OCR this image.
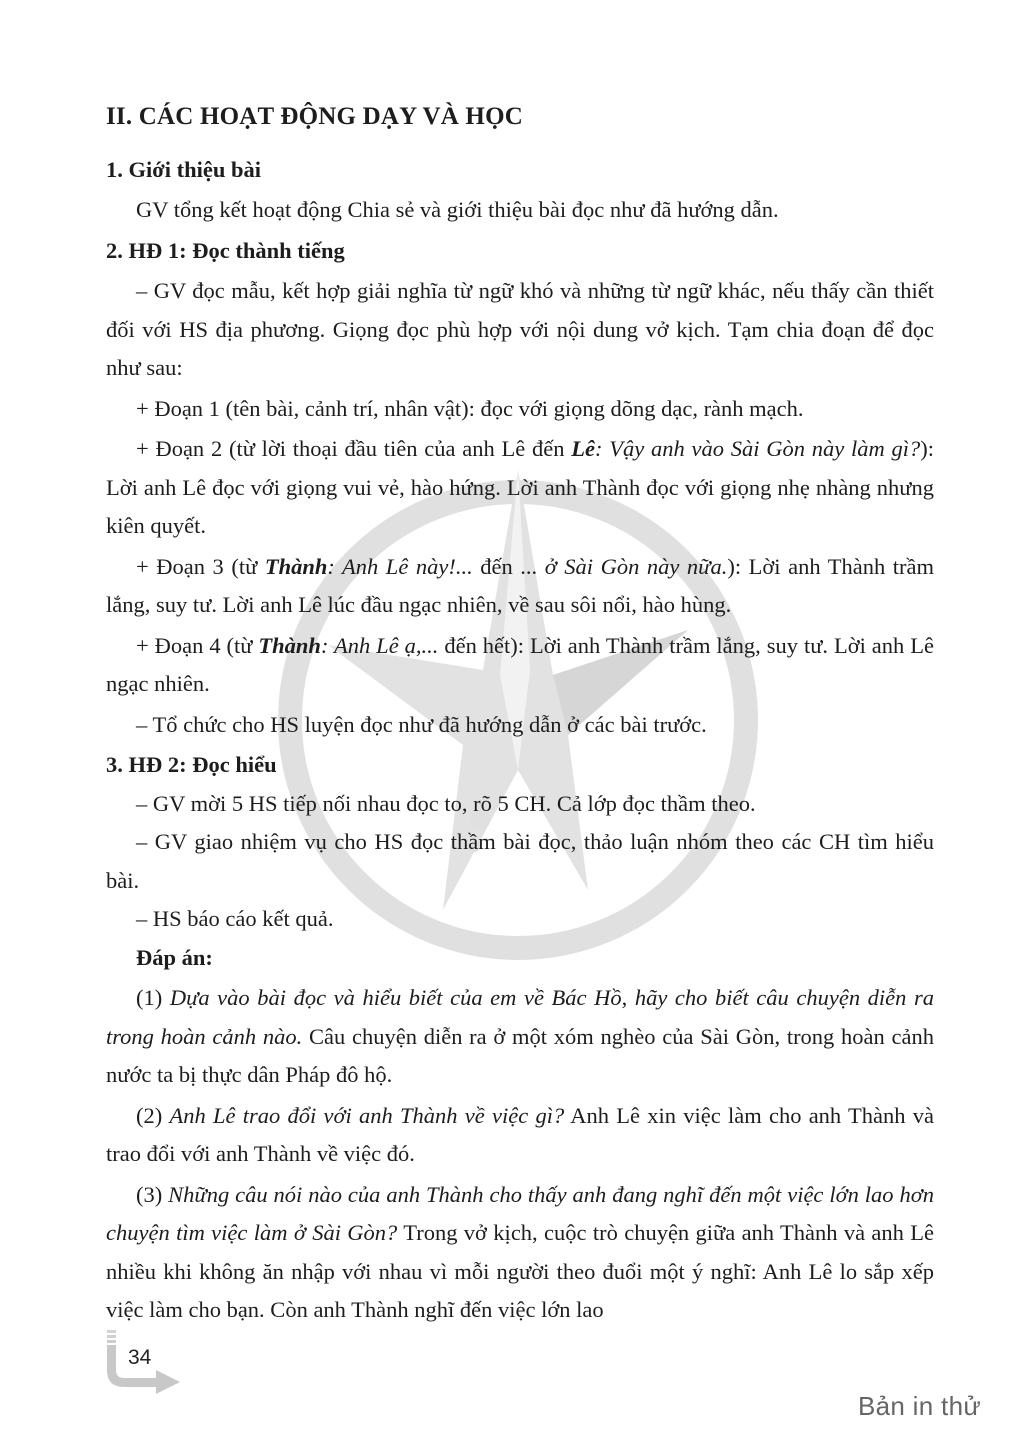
II. CÁC HOẠT ĐỘNG DẠY VÀ HỌC
1. Giới thiệu bài

GV tổng kết hoạt động Chia sẻ và giới thiệu bài đọc như đã hướng dẫn.

2. HĐ 1: Đọc thành tiếng

– GV đọc mẫu, kết hợp giải nghĩa từ ngữ khó và những từ ngữ khác, nếu thấy cần thiết đối với HS địa phương. Giọng đọc phù hợp với nội dung vở kịch. Tạm chia đoạn để đọc như sau:

+ Đoạn 1 (tên bài, cảnh trí, nhân vật): đọc với giọng dõng dạc, rành mạch.

+ Đoạn 2 (từ lời thoại đầu tiên của anh Lê đến Lê: Vậy anh vào Sài Gòn này làm gì?): Lời anh Lê đọc với giọng vui vẻ, hào hứng. Lời anh Thành đọc với giọng nhẹ nhàng nhưng kiên quyết.

+ Đoạn 3 (từ Thành: Anh Lê này!... đến ... ở Sài Gòn này nữa.): Lời anh Thành trầm lắng, suy tư. Lời anh Lê lúc đầu ngạc nhiên, về sau sôi nổi, hào hùng.

+ Đoạn 4 (từ Thành: Anh Lê ạ,... đến hết): Lời anh Thành trầm lắng, suy tư. Lời anh Lê ngạc nhiên.

– Tổ chức cho HS luyện đọc như đã hướng dẫn ở các bài trước.

3. HĐ 2: Đọc hiểu

– GV mời 5 HS tiếp nối nhau đọc to, rõ 5 CH. Cả lớp đọc thầm theo.

– GV giao nhiệm vụ cho HS đọc thầm bài đọc, thảo luận nhóm theo các CH tìm hiểu bài.

– HS báo cáo kết quả.

Đáp án:

(1) Dựa vào bài đọc và hiểu biết của em về Bác Hồ, hãy cho biết câu chuyện diễn ra trong hoàn cảnh nào. Câu chuyện diễn ra ở một xóm nghèo của Sài Gòn, trong hoàn cảnh nước ta bị thực dân Pháp đô hộ.

(2) Anh Lê trao đổi với anh Thành về việc gì? Anh Lê xin việc làm cho anh Thành và trao đổi với anh Thành về việc đó.

(3) Những câu nói nào của anh Thành cho thấy anh đang nghĩ đến một việc lớn lao hơn chuyện tìm việc làm ở Sài Gòn? Trong vở kịch, cuộc trò chuyện giữa anh Thành và anh Lê nhiều khi không ăn nhập với nhau vì mỗi người theo đuổi một ý nghĩ: Anh Lê lo sắp xếp việc làm cho bạn. Còn anh Thành nghĩ đến việc lớn lao

34
Bản in thử
